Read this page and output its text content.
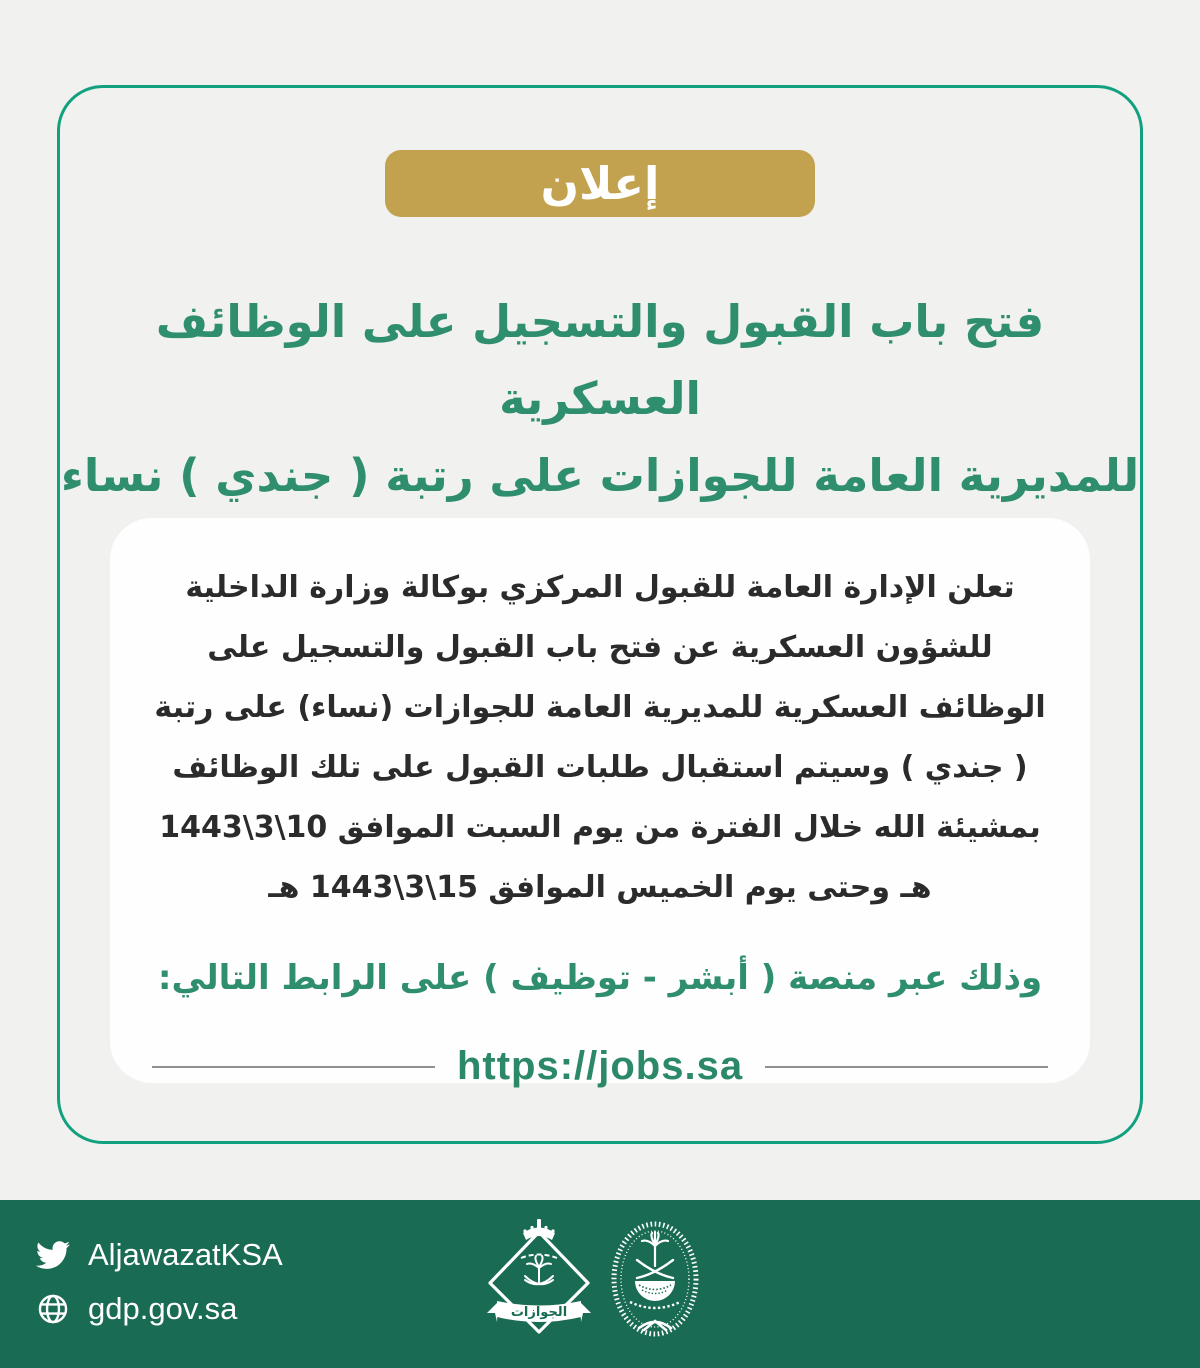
إعلان
فتح باب القبول والتسجيل على الوظائف العسكرية
للمديرية العامة للجوازات على رتبة ( جندي ) نساء
تعلن الإدارة العامة للقبول المركزي بوكالة وزارة الداخلية للشؤون العسكرية عن فتح باب القبول والتسجيل على الوظائف العسكرية للمديرية العامة للجوازات (نساء) على رتبة ( جندي ) وسيتم استقبال طلبات القبول على تلك الوظائف بمشيئة الله خلال الفترة من يوم السبت الموافق 10\3\1443 هـ وحتى يوم الخميس الموافق 15\3\1443 هـ
وذلك عبر منصة ( أبشر - توظيف ) على الرابط التالي:
https://jobs.sa
AljawazatKSA
gdp.gov.sa	الجوازات
